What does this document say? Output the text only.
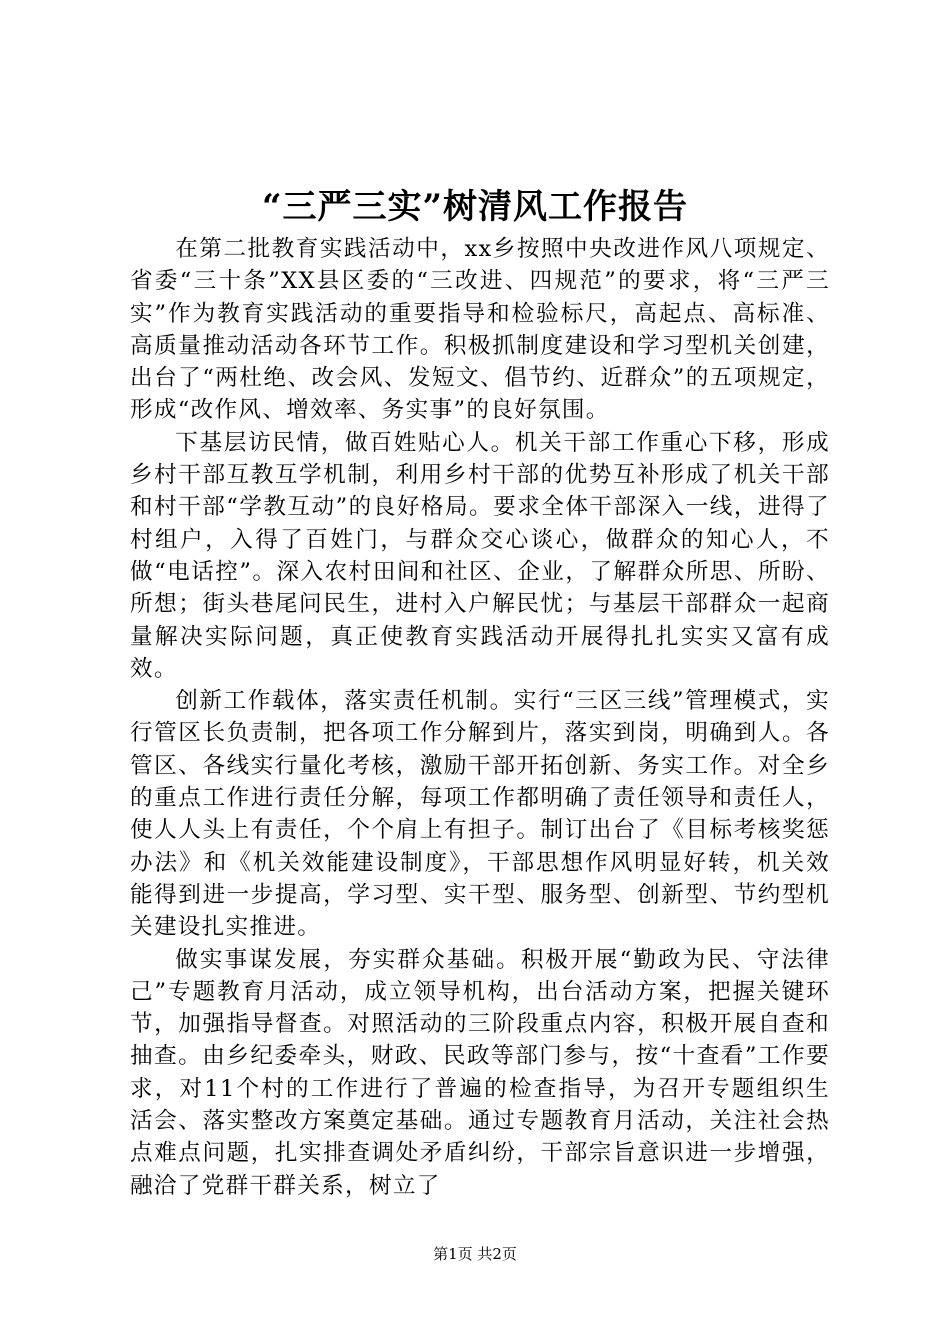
“三严三实”树清风工作报告

在第二批教育实践活动中，xx乡按照中央改进作风八项规定、省委“三十条”XX县区委的“三改进、四规范”的要求，将“三严三实”作为教育实践活动的重要指导和检验标尺，高起点、高标准、高质量推动活动各环节工作。积极抓制度建设和学习型机关创建，出台了“两杜绝、改会风、发短文、倡节约、近群众”的五项规定，形成“改作风、增效率、务实事”的良好氛围。

下基层访民情，做百姓贴心人。机关干部工作重心下移，形成乡村干部互教互学机制，利用乡村干部的优势互补形成了机关干部和村干部“学教互动”的良好格局。要求全体干部深入一线，进得了村组户，入得了百姓门，与群众交心谈心，做群众的知心人，不做“电话控”。深入农村田间和社区、企业，了解群众所思、所盼、所想；街头巷尾问民生，进村入户解民忧；与基层干部群众一起商量解决实际问题，真正使教育实践活动开展得扎扎实实又富有成效。

创新工作载体，落实责任机制。实行“三区三线”管理模式，实行管区长负责制，把各项工作分解到片，落实到岗，明确到人。各管区、各线实行量化考核，激励干部开拓创新、务实工作。对全乡的重点工作进行责任分解，每项工作都明确了责任领导和责任人，使人人头上有责任，个个肩上有担子。制订出台了《目标考核奖惩办法》和《机关效能建设制度》，干部思想作风明显好转，机关效能得到进一步提高，学习型、实干型、服务型、创新型、节约型机关建设扎实推进。

做实事谋发展，夯实群众基础。积极开展“勤政为民、守法律己”专题教育月活动，成立领导机构，出台活动方案，把握关键环节，加强指导督查。对照活动的三阶段重点内容，积极开展自查和抽查。由乡纪委牵头，财政、民政等部门参与，按“十查看”工作要求，对11个村的工作进行了普遍的检查指导，为召开专题组织生活会、落实整改方案奠定基础。通过专题教育月活动，关注社会热点难点问题，扎实排查调处矛盾纠纷，干部宗旨意识进一步增强，融洽了党群干群关系，树立了

第1页 共2页
